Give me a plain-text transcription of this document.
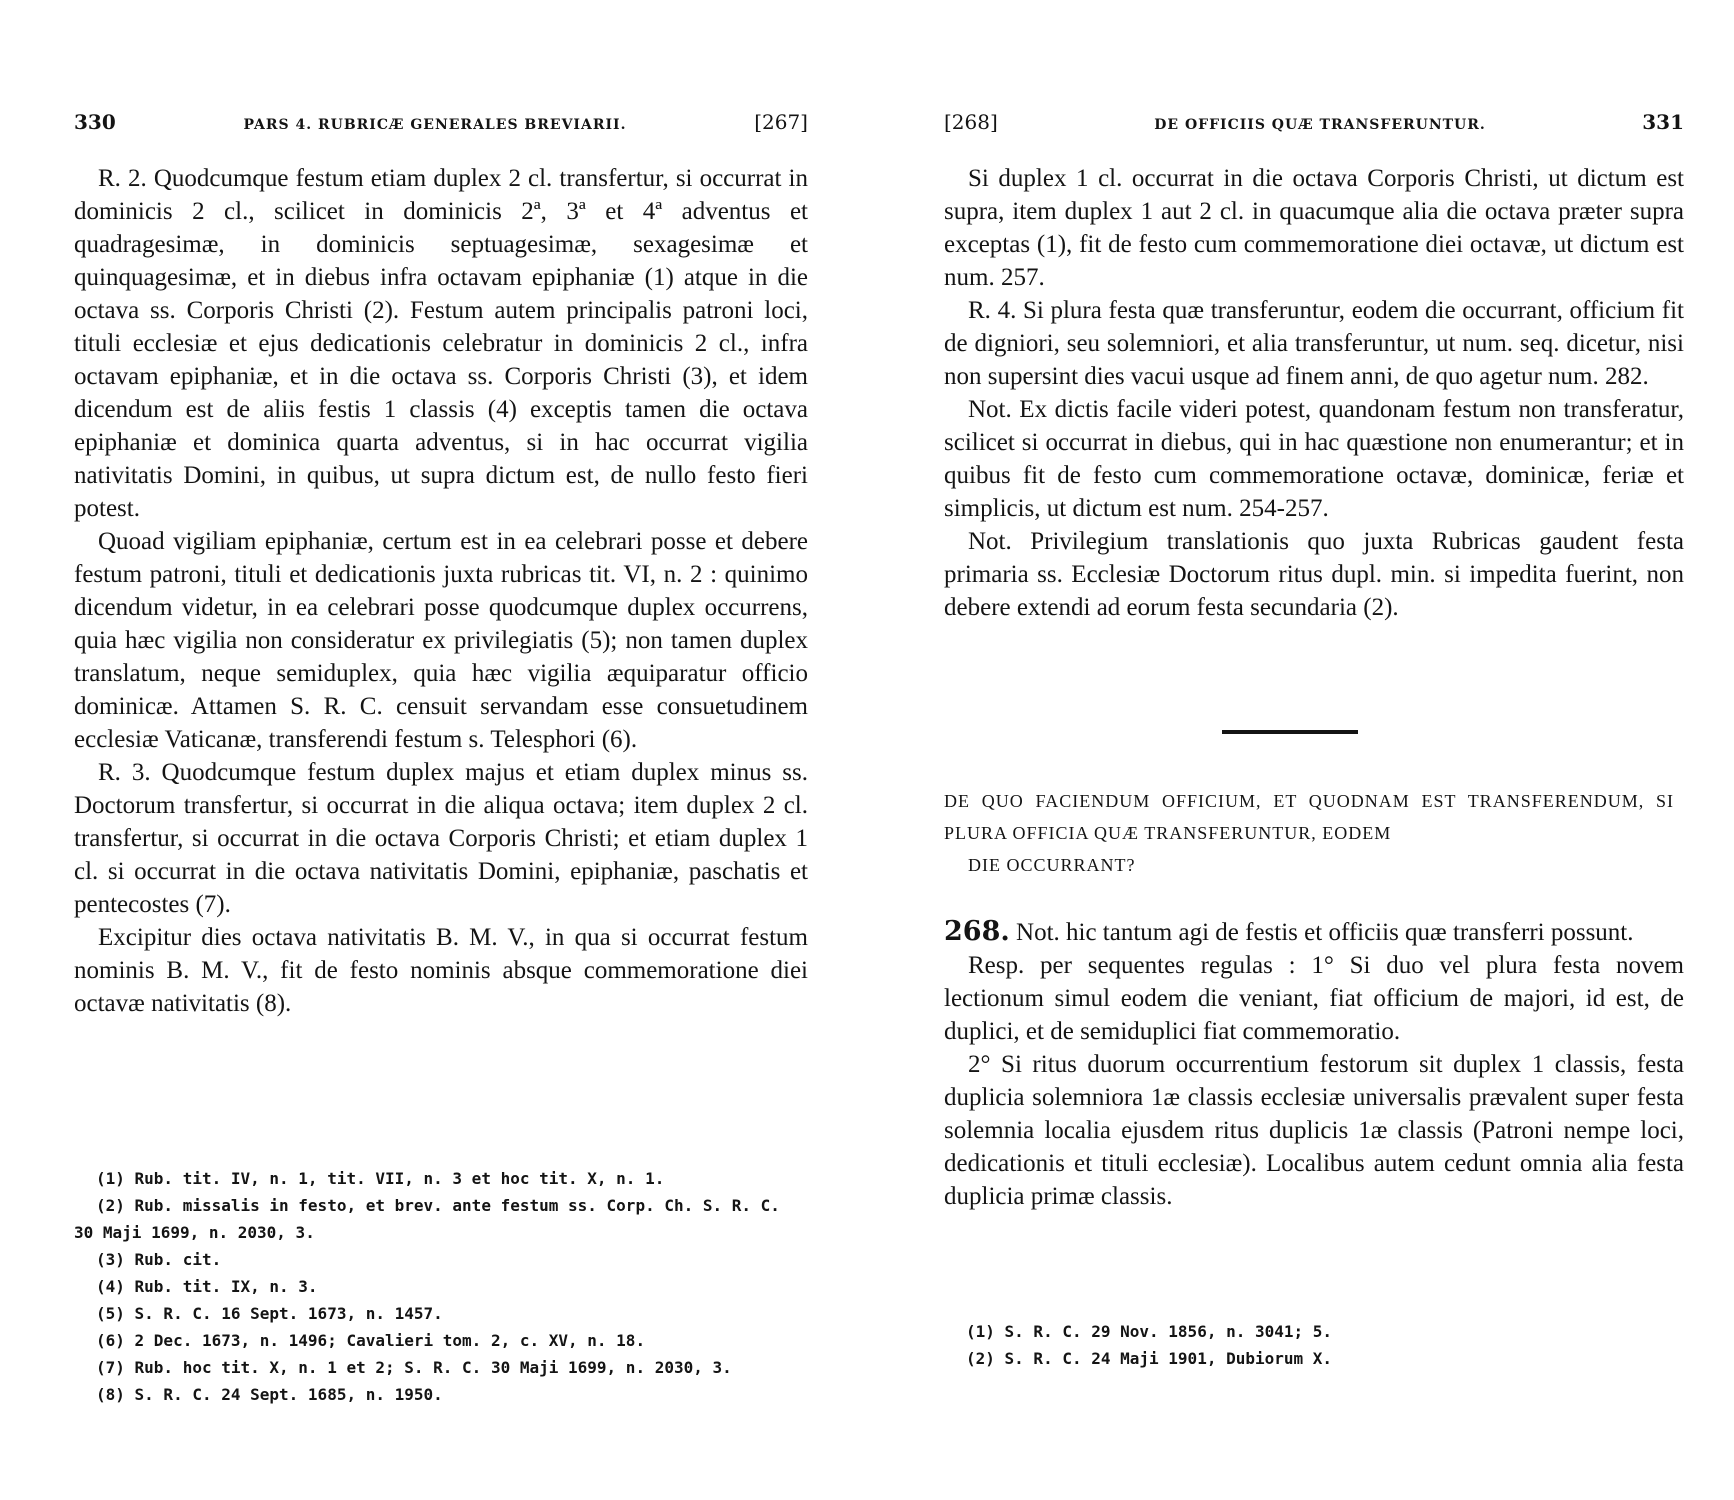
330	PARS 4. RUBRICÆ GENERALES BREVIARII.	[267]

R. 2. Quodcumque festum etiam duplex 2 cl. transfertur, si occurrat in dominicis 2 cl., scilicet in dominicis 2ª, 3ª et 4ª adventus et quadragesimæ, in dominicis septuagesimæ, sexagesimæ et quinquagesimæ, et in diebus infra octavam epiphaniæ (1) atque in die octava ss. Corporis Christi (2). Festum autem principalis patroni loci, tituli ecclesiæ et ejus dedicationis celebratur in dominicis 2 cl., infra octavam epiphaniæ, et in die octava ss. Corporis Christi (3), et idem dicendum est de aliis festis 1 classis (4) exceptis tamen die octava epiphaniæ et dominica quarta adventus, si in hac occurrat vigilia nativitatis Domini, in quibus, ut supra dictum est, de nullo festo fieri potest.

Quoad vigiliam epiphaniæ, certum est in ea celebrari posse et debere festum patroni, tituli et dedicationis juxta rubricas tit. VI, n. 2 : quinimo dicendum videtur, in ea celebrari posse quodcumque duplex occurrens, quia hæc vigilia non consideratur ex privilegiatis (5); non tamen duplex translatum, neque semiduplex, quia hæc vigilia æquiparatur officio dominicæ. Attamen S. R. C. censuit servandam esse consuetudinem ecclesiæ Vaticanæ, transferendi festum s. Telesphori (6).

R. 3. Quodcumque festum duplex majus et etiam duplex minus ss. Doctorum transfertur, si occurrat in die aliqua octava; item duplex 2 cl. transfertur, si occurrat in die octava Corporis Christi; et etiam duplex 1 cl. si occurrat in die octava nativitatis Domini, epiphaniæ, paschatis et pentecostes (7).

Excipitur dies octava nativitatis B. M. V., in qua si occurrat festum nominis B. M. V., fit de festo nominis absque commemoratione diei octavæ nativitatis (8).

(1) Rub. tit. IV, n. 1, tit. VII, n. 3 et hoc tit. X, n. 1.
(2) Rub. missalis in festo, et brev. ante festum ss. Corp. Ch. S. R. C.
30 Maji 1699, n. 2030, 3.
(3) Rub. cit.
(4) Rub. tit. IX, n. 3.
(5) S. R. C. 16 Sept. 1673, n. 1457.
(6) 2 Dec. 1673, n. 1496; Cavalieri tom. 2, c. XV, n. 18.
(7) Rub. hoc tit. X, n. 1 et 2; S. R. C. 30 Maji 1699, n. 2030, 3.
(8) S. R. C. 24 Sept. 1685, n. 1950.
[268]	DE OFFICIIS QUÆ TRANSFERUNTUR.	331

Si duplex 1 cl. occurrat in die octava Corporis Christi, ut dictum est supra, item duplex 1 aut 2 cl. in quacumque alia die octava præter supra exceptas (1), fit de festo cum commemoratione diei octavæ, ut dictum est num. 257.

R. 4. Si plura festa quæ transferuntur, eodem die occurrant, officium fit de digniori, seu solemniori, et alia transferuntur, ut num. seq. dicetur, nisi non supersint dies vacui usque ad finem anni, de quo agetur num. 282.

Not. Ex dictis facile videri potest, quandonam festum non transferatur, scilicet si occurrat in diebus, qui in hac quæstione non enumerantur; et in quibus fit de festo cum commemoratione octavæ, dominicæ, feriæ et simplicis, ut dictum est num. 254-257.

Not. Privilegium translationis quo juxta Rubricas gaudent festa primaria ss. Ecclesiæ Doctorum ritus dupl. min. si impedita fuerint, non debere extendi ad eorum festa secundaria (2).

DE QUO FACIENDUM OFFICIUM, ET QUODNAM EST TRANSFERENDUM, SI PLURA OFFICIA QUÆ TRANSFERUNTUR, EODEM
DIE OCCURRANT?

268. Not. hic tantum agi de festis et officiis quæ transferri possunt.

Resp. per sequentes regulas : 1° Si duo vel plura festa novem lectionum simul eodem die veniant, fiat officium de majori, id est, de duplici, et de semiduplici fiat commemoratio.

2° Si ritus duorum occurrentium festorum sit duplex 1 classis, festa duplicia solemniora 1æ classis ecclesiæ universalis prævalent super festa solemnia localia ejusdem ritus duplicis 1æ classis (Patroni nempe loci, dedicationis et tituli ecclesiæ). Localibus autem cedunt omnia alia festa duplicia primæ classis.

(1) S. R. C. 29 Nov. 1856, n. 3041; 5.
(2) S. R. C. 24 Maji 1901, Dubiorum X.
